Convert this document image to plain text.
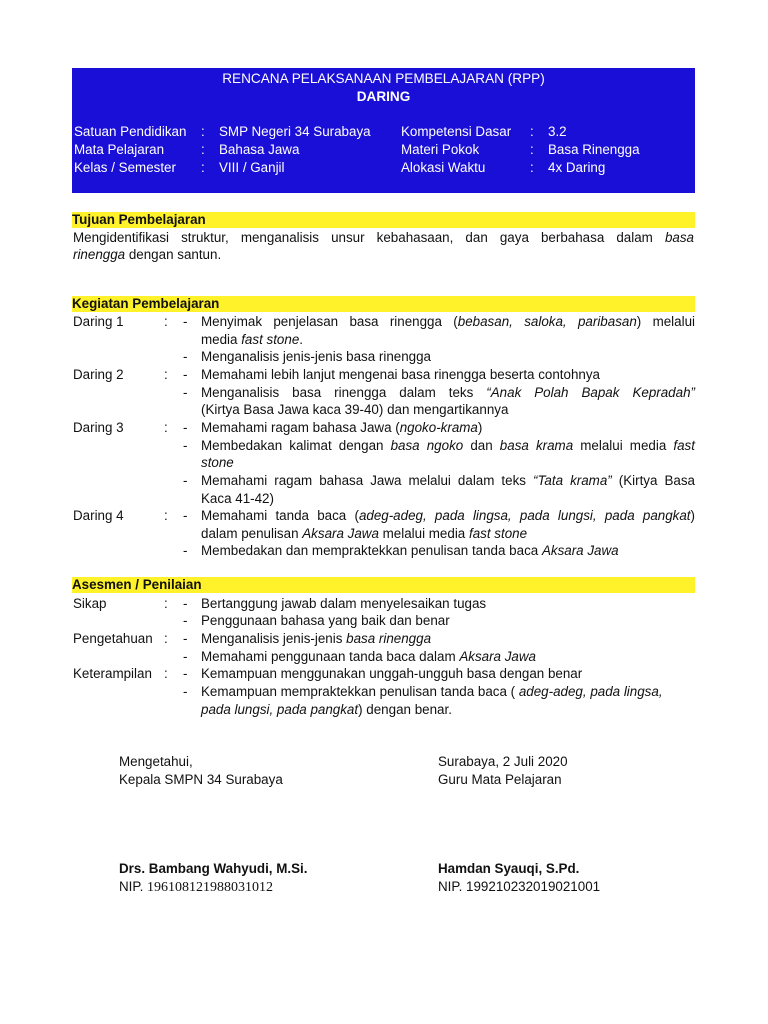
RENCANA PELAKSANAAN PEMBELAJARAN (RPP)
DARING
Satuan Pendidikan : SMP Negeri 34 Surabaya Kompetensi Dasar : 3.2
Mata Pelajaran	: Bahasa Jawa	Materi Pokok	: Basa Rinengga
Kelas / Semester : VIII / Ganjil	Alokasi Waktu	: 4x Daring
Tujuan Pembelajaran
Mengidentifikasi struktur, menganalisis unsur kebahasaan, dan gaya berbahasa dalam basa
rinengga dengan santun.
Kegiatan Pembelajaran
Daring 1	: - Menyimak penjelasan basa rinengga (bebasan, saloka, paribasan) melalui
media fast stone.
- Menganalisis jenis-jenis basa rinengga
Daring 2	: - Memahami lebih lanjut mengenai basa rinengga beserta contohnya
- Menganalisis basa rinengga dalam teks “Anak Polah Bapak Kepradah”
(Kirtya Basa Jawa kaca 39-40) dan mengartikannya
Daring 3	: - Memahami ragam bahasa Jawa (ngoko-krama)
- Membedakan kalimat dengan basa ngoko dan basa krama melalui media fast
stone
- Memahami ragam bahasa Jawa melalui dalam teks “Tata krama” (Kirtya Basa
Kaca 41-42)
Daring 4	: - Memahami tanda baca (adeg-adeg, pada lingsa, pada lungsi, pada pangkat)
dalam penulisan Aksara Jawa melalui media fast stone
- Membedakan dan mempraktekkan penulisan tanda baca Aksara Jawa
Asesmen / Penilaian
Sikap	: - Bertanggung jawab dalam menyelesaikan tugas
- Penggunaan bahasa yang baik dan benar
Pengetahuan : - Menganalisis jenis-jenis basa rinengga
- Memahami penggunaan tanda baca dalam Aksara Jawa
Keterampilan : - Kemampuan menggunakan unggah-ungguh basa dengan benar
- Kemampuan mempraktekkan penulisan tanda baca ( adeg-adeg, pada lingsa,
pada lungsi, pada pangkat) dengan benar.
Mengetahui,
Kepala SMPN 34 Surabaya
Drs. Bambang Wahyudi, M.Si.
NIP. 196108121988031012
Surabaya, 2 Juli 2020
Guru Mata Pelajaran
Hamdan Syauqi, S.Pd.
NIP. 199210232019021001
